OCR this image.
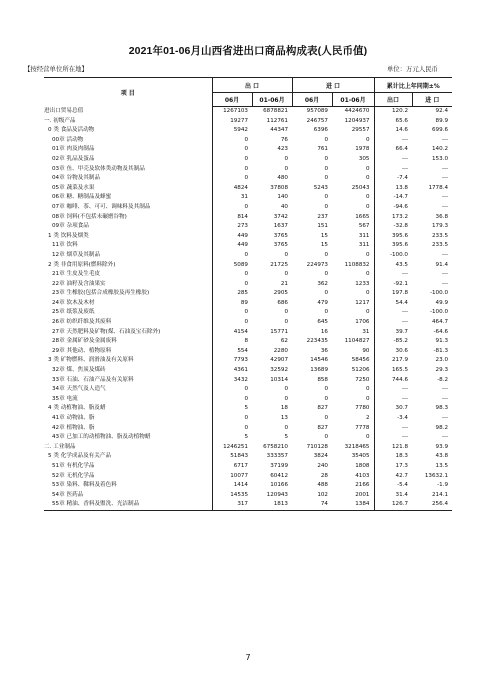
2021年01-06月山西省进出口商品构成表(人民币值)
【按经营单位所在地】	单位：万元人民币
项 目	出 口		进 口		累计比上年同期±%	
	06月	01-06月	06月	01-06月	出口	进 口
进出口贸易总值	1267103	6878821	957089	4424670	120.2	92.4
一. 初级产品	19277	112761	246757	1204937	65.6	89.9
0 类 食品及活动物	5942	44347	6396	29557	14.6	699.6
00章 活动物	0	76	0	0	---	---
01章 肉及肉制品	0	423	761	1978	66.4	140.2
02章 乳品及蛋品	0	0	0	305	---	153.0
03章 鱼、甲壳及软体类动物及其制品	0	0	0	0	---	---
04章 谷物及其制品	0	480	0	0	-7.4	---
05章 蔬菜及水果	4824	37808	5243	25043	13.8	1778.4
06章 糖、糖制品及蜂蜜	31	140	0	0	-14.7	---
07章 咖啡、茶、可可、调味料及其制品	0	40	0	0	-94.6	---
08章 饲料(不包括未碾磨谷物)	814	3742	237	1665	173.2	36.8
09章 杂项食品	273	1637	151	567	-32.8	179.3
1 类 饮料及烟类	449	3765	15	311	395.6	233.5
11章 饮料	449	3765	15	311	395.6	233.5
12章 烟草及其制品	0	0	0	0	-100.0	---
2 类 非食用原料(燃料除外)	5089	21725	224973	1108832	43.5	91.4
21章 生皮及生毛皮	0	0	0	0	---	---
22章 油籽及含油果实	0	21	362	1233	-92.1	---
23章 生橡胶(包括合成橡胶及再生橡胶)	285	2905	0	0	197.8	-100.0
24章 软木及木材	89	686	479	1217	54.4	49.9
25章 纸浆及废纸	0	0	0	0	---	-100.0
26章 纺织纤维及其废料	0	0	645	1706	---	464.7
27章 天然肥料及矿物(煤、石油及宝石除外)	4154	15771	16	31	39.7	-64.6
28章 金属矿砂及金属废料	8	62	223435	1104827	-85.2	91.3
29章 其他动、植物原料	554	2280	36	90	30.6	-81.3
3 类 矿物燃料、润滑油及有关原料	7793	42907	14546	58456	217.9	23.0
32章 煤、焦炭及煤砖	4361	32592	13689	51206	165.5	29.3
33章 石油、石油产品及有关原料	3432	10314	858	7250	744.6	-8.2
34章 天然气及人造气	0	0	0	0	---	---
35章 电流	0	0	0	0	---	---
4 类 动植物油、脂及蜡	5	18	827	7780	30.7	98.3
41章 动物油、脂	0	13	0	2	-3.4	---
42章 植物油、脂	0	0	827	7778	---	98.2
43章 已加工的动植物油、脂及动植物蜡	5	5	0	0	---	---
二. 工业制品	1246251	6758210	710128	3218465	121.8	93.9
5 类 化学成品及有关产品	51843	333357	3824	35405	18.3	43.8
51章 有机化学品	6717	37199	240	1808	17.3	13.5
52章 无机化学品	10077	60412	28	4103	42.7	13632.1
53章 染料、鞣料及着色料	1414	10166	488	2166	-5.4	-1.9
54章 医药品	14535	120943	102	2001	31.4	214.1
55章 精油、香料及盥洗、光洁制品	317	1813	74	1384	126.7	256.4
7
